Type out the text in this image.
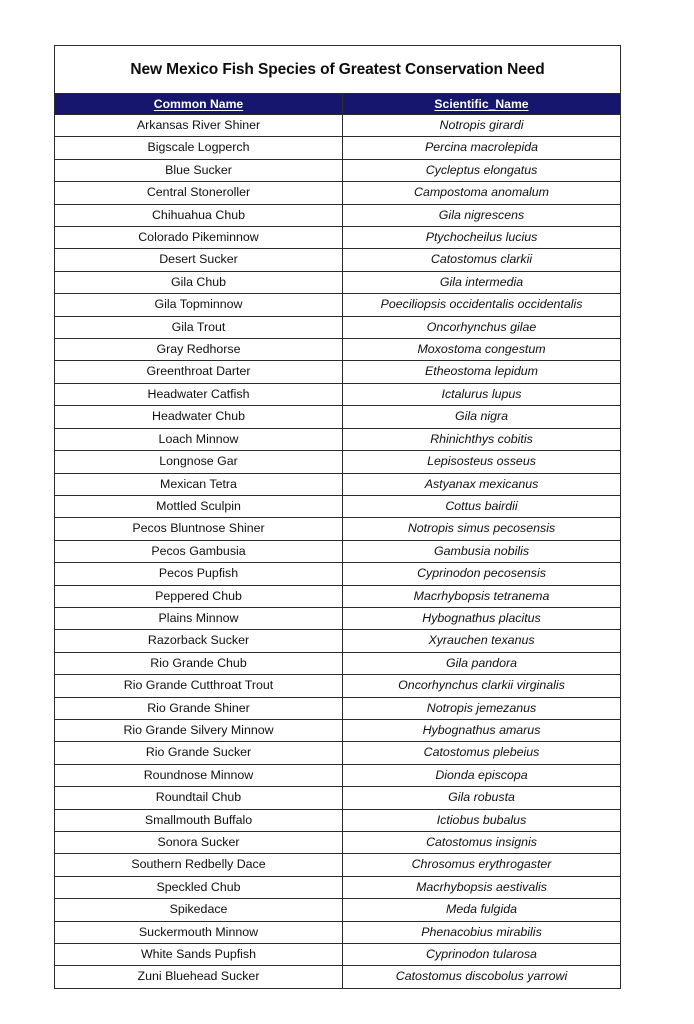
New Mexico Fish Species of Greatest Conservation Need	
Common Name	Scientific_Name
Arkansas River Shiner	Notropis girardi
Bigscale Logperch	Percina macrolepida
Blue Sucker	Cycleptus elongatus
Central Stoneroller	Campostoma anomalum
Chihuahua Chub	Gila nigrescens
Colorado Pikeminnow	Ptychocheilus lucius
Desert Sucker	Catostomus clarkii
Gila Chub	Gila intermedia
Gila Topminnow	Poeciliopsis occidentalis occidentalis
Gila Trout	Oncorhynchus gilae
Gray Redhorse	Moxostoma congestum
Greenthroat Darter	Etheostoma lepidum
Headwater Catfish	Ictalurus lupus
Headwater Chub	Gila nigra
Loach Minnow	Rhinichthys cobitis
Longnose Gar	Lepisosteus osseus
Mexican Tetra	Astyanax mexicanus
Mottled Sculpin	Cottus bairdii
Pecos Bluntnose Shiner	Notropis simus pecosensis
Pecos Gambusia	Gambusia nobilis
Pecos Pupfish	Cyprinodon pecosensis
Peppered Chub	Macrhybopsis tetranema
Plains Minnow	Hybognathus placitus
Razorback Sucker	Xyrauchen texanus
Rio Grande Chub	Gila pandora
Rio Grande Cutthroat Trout	Oncorhynchus clarkii virginalis
Rio Grande Shiner	Notropis jemezanus
Rio Grande Silvery Minnow	Hybognathus amarus
Rio Grande Sucker	Catostomus plebeius
Roundnose Minnow	Dionda episcopa
Roundtail Chub	Gila robusta
Smallmouth Buffalo	Ictiobus bubalus
Sonora Sucker	Catostomus insignis
Southern Redbelly Dace	Chrosomus erythrogaster
Speckled Chub	Macrhybopsis aestivalis
Spikedace	Meda fulgida
Suckermouth Minnow	Phenacobius mirabilis
White Sands Pupfish	Cyprinodon tularosa
Zuni Bluehead Sucker	Catostomus discobolus yarrowi
